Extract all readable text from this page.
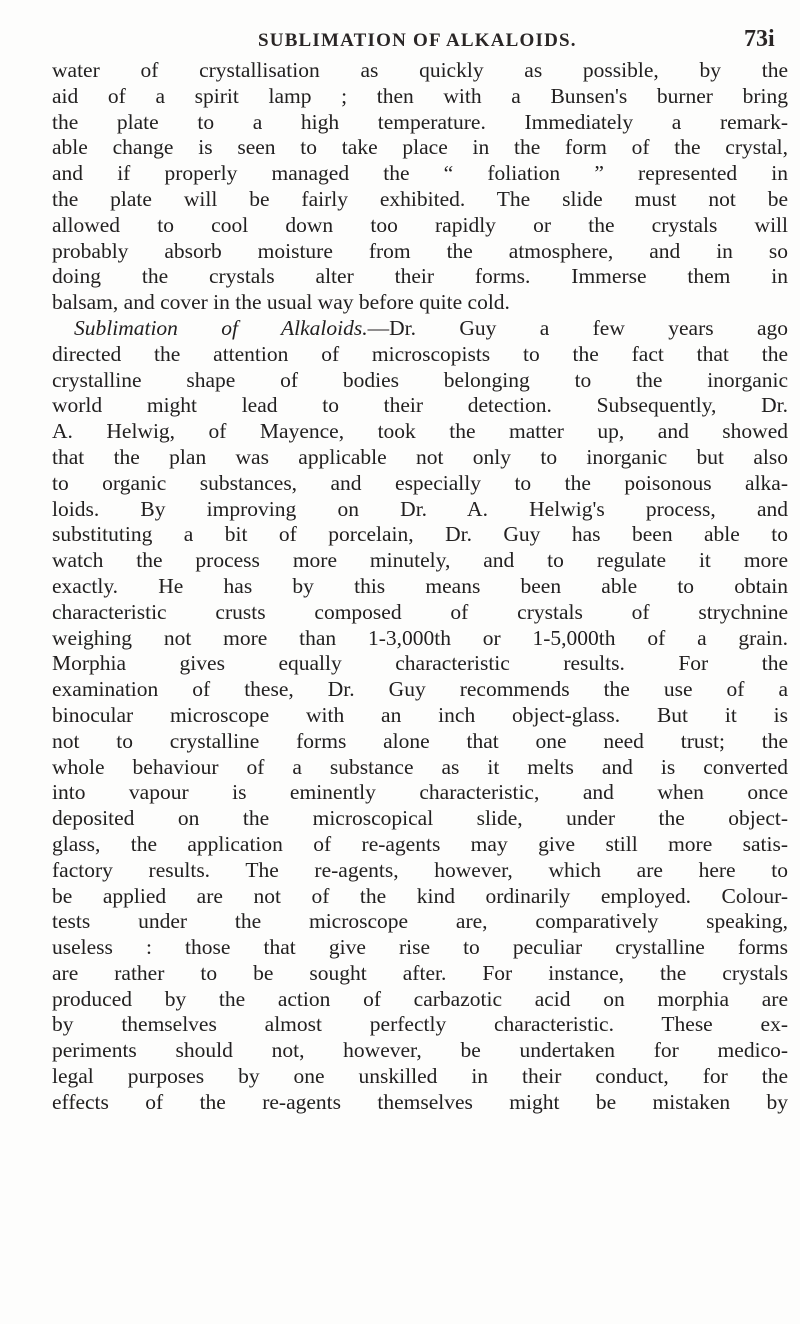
SUBLIMATION OF ALKALOIDS.	73i
water of crystallisation as quickly as possible, by the
aid of a spirit lamp ; then with a Bunsen's burner bring
the plate to a high temperature. Immediately a remark-
able change is seen to take place in the form of the crystal,
and if properly managed the “ foliation ” represented in
the plate will be fairly exhibited. The slide must not be
allowed to cool down too rapidly or the crystals will
probably absorb moisture from the atmosphere, and in so
doing the crystals alter their forms. Immerse them in
balsam, and cover in the usual way before quite cold.
Sublimation of Alkaloids.—Dr. Guy a few years ago
directed the attention of microscopists to the fact that the
crystalline shape of bodies belonging to the inorganic
world might lead to their detection. Subsequently, Dr.
A. Helwig, of Mayence, took the matter up, and showed
that the plan was applicable not only to inorganic but also
to organic substances, and especially to the poisonous alka-
loids. By improving on Dr. A. Helwig's process, and
substituting a bit of porcelain, Dr. Guy has been able to
watch the process more minutely, and to regulate it more
exactly. He has by this means been able to obtain
characteristic crusts composed of crystals of strychnine
weighing not more than 1-3,000th or 1-5,000th of a grain.
Morphia gives equally characteristic results. For the
examination of these, Dr. Guy recommends the use of a
binocular microscope with an inch object-glass. But it is
not to crystalline forms alone that one need trust; the
whole behaviour of a substance as it melts and is converted
into vapour is eminently characteristic, and when once
deposited on the microscopical slide, under the object-
glass, the application of re-agents may give still more satis-
factory results. The re-agents, however, which are here to
be applied are not of the kind ordinarily employed. Colour-
tests under the microscope are, comparatively speaking,
useless : those that give rise to peculiar crystalline forms
are rather to be sought after. For instance, the crystals
produced by the action of carbazotic acid on morphia are
by themselves almost perfectly characteristic. These ex-
periments should not, however, be undertaken for medico-
legal purposes by one unskilled in their conduct, for the
effects of the re-agents themselves might be mistaken by
